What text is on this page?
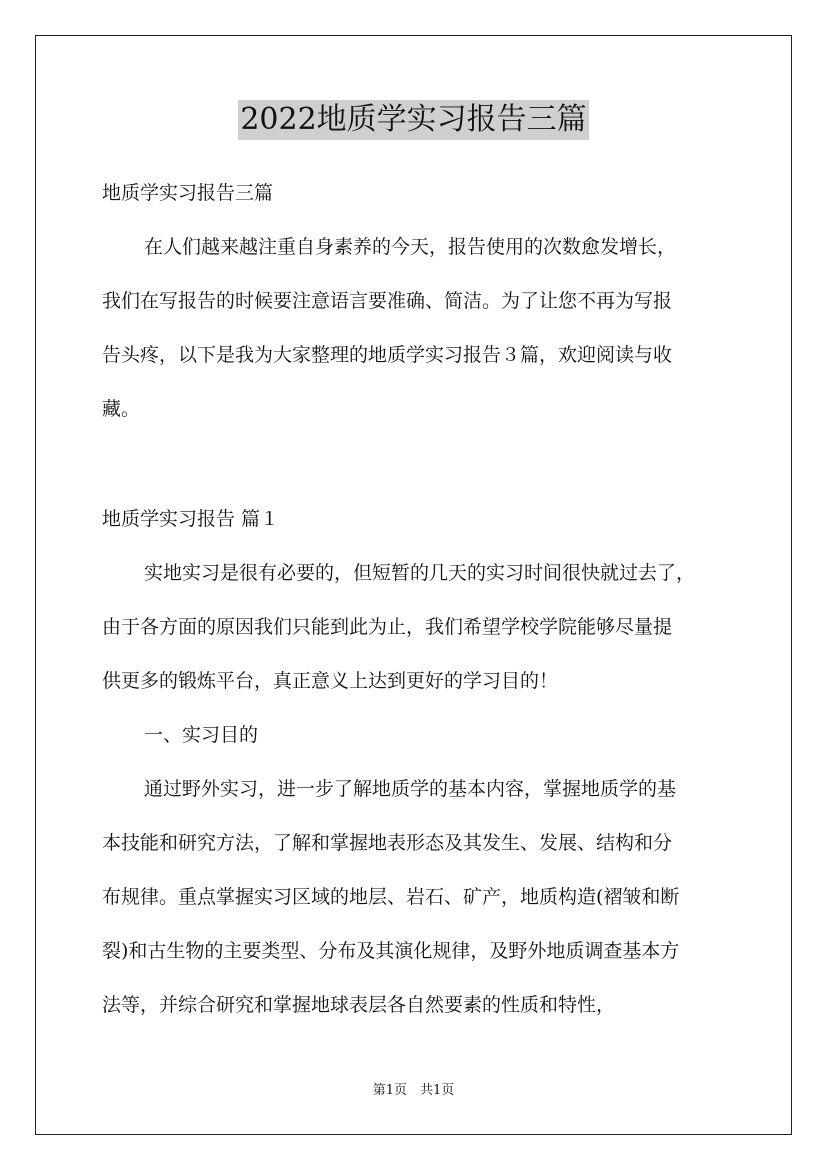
2022地质学实习报告三篇
地质学实习报告三篇
在人们越来越注重自身素养的今天，报告使用的次数愈发增长，
我们在写报告的时候要注意语言要准确、简洁。为了让您不再为写报
告头疼，以下是我为大家整理的地质学实习报告３篇，欢迎阅读与收
藏。
地质学实习报告 篇１
实地实习是很有必要的，但短暂的几天的实习时间很快就过去了，
由于各方面的原因我们只能到此为止，我们希望学校学院能够尽量提
供更多的锻炼平台，真正意义上达到更好的学习目的！
一、实习目的
通过野外实习，进一步了解地质学的基本内容，掌握地质学的基
本技能和研究方法，了解和掌握地表形态及其发生、发展、结构和分
布规律。重点掌握实习区域的地层、岩石、矿产，地质构造(褶皱和断
裂)和古生物的主要类型、分布及其演化规律，及野外地质调查基本方
法等，并综合研究和掌握地球表层各自然要素的性质和特性，
第1页　共1页
